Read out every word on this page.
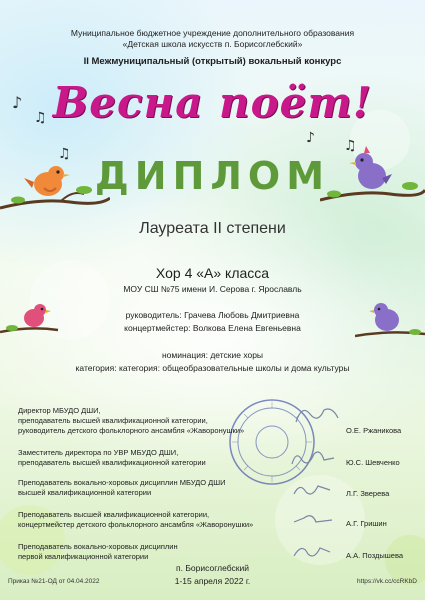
Муниципальное бюджетное учреждение дополнительного образования
«Детская школа искусств п. Борисоглебский»
II Межмуниципальный (открытый) вокальный конкурс
Весна поёт!
♪
♫
♪ ♫
♫ ДИПЛОМ
Лауреата II степени
Хор 4 «А» класса
МОУ СШ №75 имени И. Серова г. Ярославль
руководитель: Грачева Любовь Дмитриевна
концертмейстер: Волкова Елена Евгеньевна
номинация: детские хоры
категория: категория: общеобразовательные школы и дома культуры
Директор МБУДО ДШИ,
преподаватель высшей квалификационной категории,
руководитель детского фольклорного ансамбля «Жаворонушки»	О.Е. Ржаникова
Заместитель директора по УВР МБУДО ДШИ,
преподаватель высшей квалификационной категории	Ю.С. Шевченко
Преподаватель вокально-хоровых дисциплин МБУДО ДШИ
высшей квалификационной категории	Л.Г. Зверева
Преподаватель высшей квалификационной категории,
концертмейстер детского фольклорного ансамбля «Жаворонушки»	А.Г. Гришин
Преподаватель вокально-хоровых дисциплин
первой квалификационной категории	А.А. Поздышева
п. Борисоглебский
1-15 апреля 2022 г.
Приказ №21-ОД от 04.04.2022	https://vk.cc/ccRKbD
